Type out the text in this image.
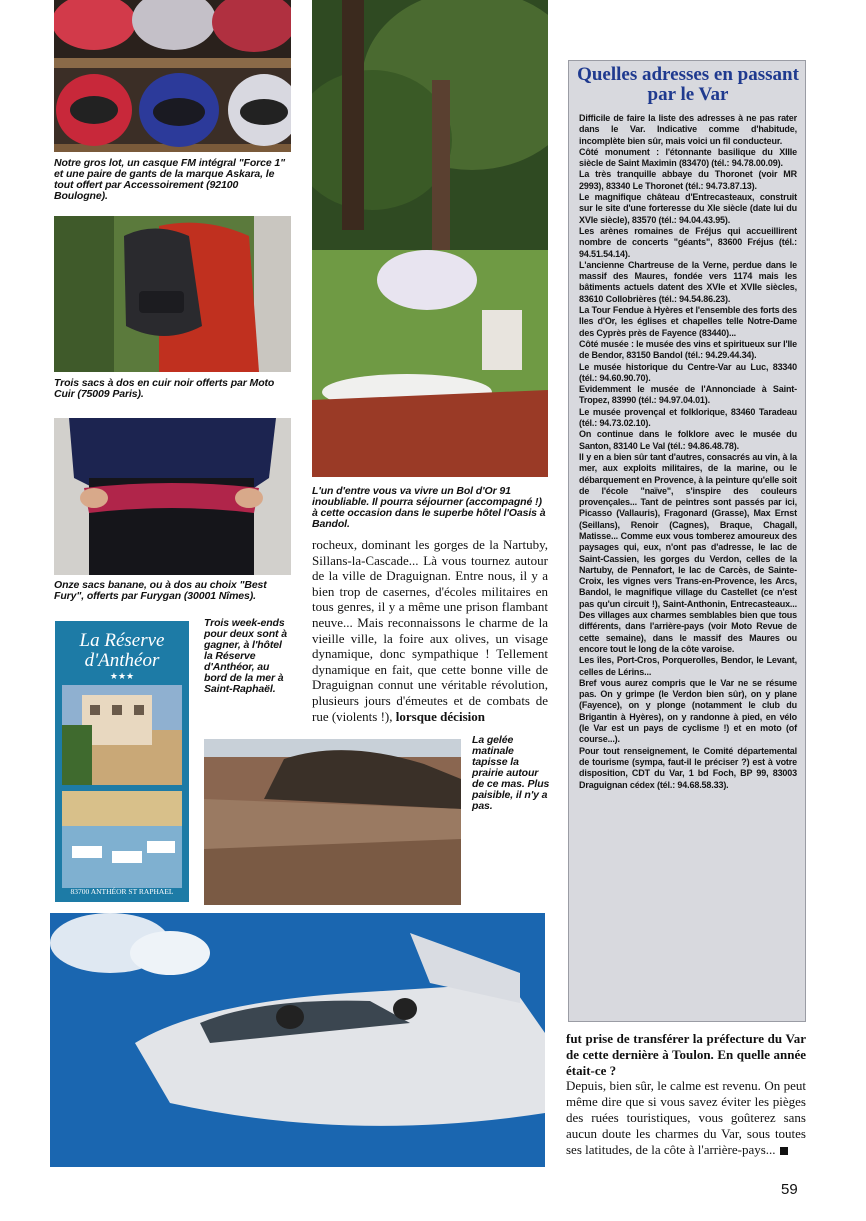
Notre gros lot, un casque FM intégral "Force 1" et une paire de gants de la marque Askara, le tout offert par Accessoirement (92100 Boulogne).
Trois sacs à dos en cuir noir offerts par Moto Cuir (75009 Paris).
Onze sacs banane, ou à dos au choix "Best Fury", offerts par Furygan (30001 Nîmes).
La Réserve
d'Anthéor
★★★
83700 ANTHÉOR ST RAPHAEL
Trois week-ends pour deux sont à gagner, à l'hôtel la Réserve d'Anthéor, au bord de la mer à Saint-Raphaël.
L'un d'entre vous va vivre un Bol d'Or 91 inoubliable. Il pourra séjourner (accompagné !) à cette occasion dans le superbe hôtel l'Oasis à Bandol.
rocheux, dominant les gorges de la Nartuby, Sillans-la-Cascade... Là vous tournez autour de la ville de Draguignan. Entre nous, il y a bien trop de casernes, d'écoles militaires en tous genres, il y a même une prison flambant neuve... Mais reconnaissons le charme de la vieille ville, la foire aux olives, un visage dynamique, donc sympathique ! Tellement dynamique en fait, que cette bonne ville de Draguignan connut une véritable révolution, plusieurs jours d'émeutes et de combats de rue (violents !), lorsque décision
La gelée matinale tapisse la prairie autour de ce mas. Plus paisible, il n'y a pas.
Quelles adresses en passant par le Var

Difficile de faire la liste des adresses à ne pas rater dans le Var. Indicative comme d'habitude, incomplète bien sûr, mais voici un fil conducteur.

Côté monument : l'étonnante basilique du XIIIe siècle de Saint Maximin (83470) (tél.: 94.78.00.09).

La très tranquille abbaye du Thoronet (voir MR 2993), 83340 Le Thoronet (tél.: 94.73.87.13).

Le magnifique château d'Entrecasteaux, construit sur le site d'une forteresse du XIe siècle (date lui du XVIe siècle), 83570 (tél.: 94.04.43.95).

Les arènes romaines de Fréjus qui accueillirent nombre de concerts "géants", 83600 Fréjus (tél.: 94.51.54.14).

L'ancienne Chartreuse de la Verne, perdue dans le massif des Maures, fondée vers 1174 mais les bâtiments actuels datent des XVIe et XVIIe siècles, 83610 Collobrières (tél.: 94.54.86.23).

La Tour Fendue à Hyères et l'ensemble des forts des Iles d'Or, les églises et chapelles telle Notre-Dame des Cyprès près de Fayence (83440)...

Côté musée : le musée des vins et spiritueux sur l'Ile de Bendor, 83150 Bandol (tél.: 94.29.44.34).

Le musée historique du Centre-Var au Luc, 83340 (tél.: 94.60.90.70).

Evidemment le musée de l'Annonciade à Saint-Tropez, 83990 (tél.: 94.97.04.01).

Le musée provençal et folklorique, 83460 Taradeau (tél.: 94.73.02.10).

On continue dans le folklore avec le musée du Santon, 83140 Le Val (tél.: 94.86.48.78).

Il y en a bien sûr tant d'autres, consacrés au vin, à la mer, aux exploits militaires, de la marine, ou le débarquement en Provence, à la peinture qu'elle soit de l'école "naïve", s'inspire des couleurs provençales... Tant de peintres sont passés par ici, Picasso (Vallauris), Fragonard (Grasse), Max Ernst (Seillans), Renoir (Cagnes), Braque, Chagall, Matisse... Comme eux vous tomberez amoureux des paysages qui, eux, n'ont pas d'adresse, le lac de Saint-Cassien, les gorges du Verdon, celles de la Nartuby, de Pennafort, le lac de Carcès, de Sainte-Croix, les vignes vers Trans-en-Provence, les Arcs, Bandol, le magnifique village du Castellet (ce n'est pas qu'un circuit !), Saint-Anthonin, Entrecasteaux... Des villages aux charmes semblables bien que tous différents, dans l'arrière-pays (voir Moto Revue de cette semaine), dans le massif des Maures ou encore tout le long de la côte varoise.

Les îles, Port-Cros, Porquerolles, Bendor, le Levant, celles de Lérins...

Bref vous aurez compris que le Var ne se résume pas. On y grimpe (le Verdon bien sûr), on y plane (Fayence), on y plonge (notamment le club du Brigantin à Hyères), on y randonne à pied, en vélo (le Var est un pays de cyclisme !) et en moto (of course...).

Pour tout renseignement, le Comité départemental de tourisme (sympa, faut-il le préciser ?) est à votre disposition, CDT du Var, 1 bd Foch, BP 99, 83003 Draguignan cédex (tél.: 94.68.58.33).

fut prise de transférer la préfecture du Var de cette dernière à Toulon. En quelle année était-ce ?
Depuis, bien sûr, le calme est revenu. On peut même dire que si vous savez éviter les pièges des ruées touristiques, vous goûterez sans aucun doute les charmes du Var, sous toutes ses latitudes, de la côte à l'arrière-pays...
59
